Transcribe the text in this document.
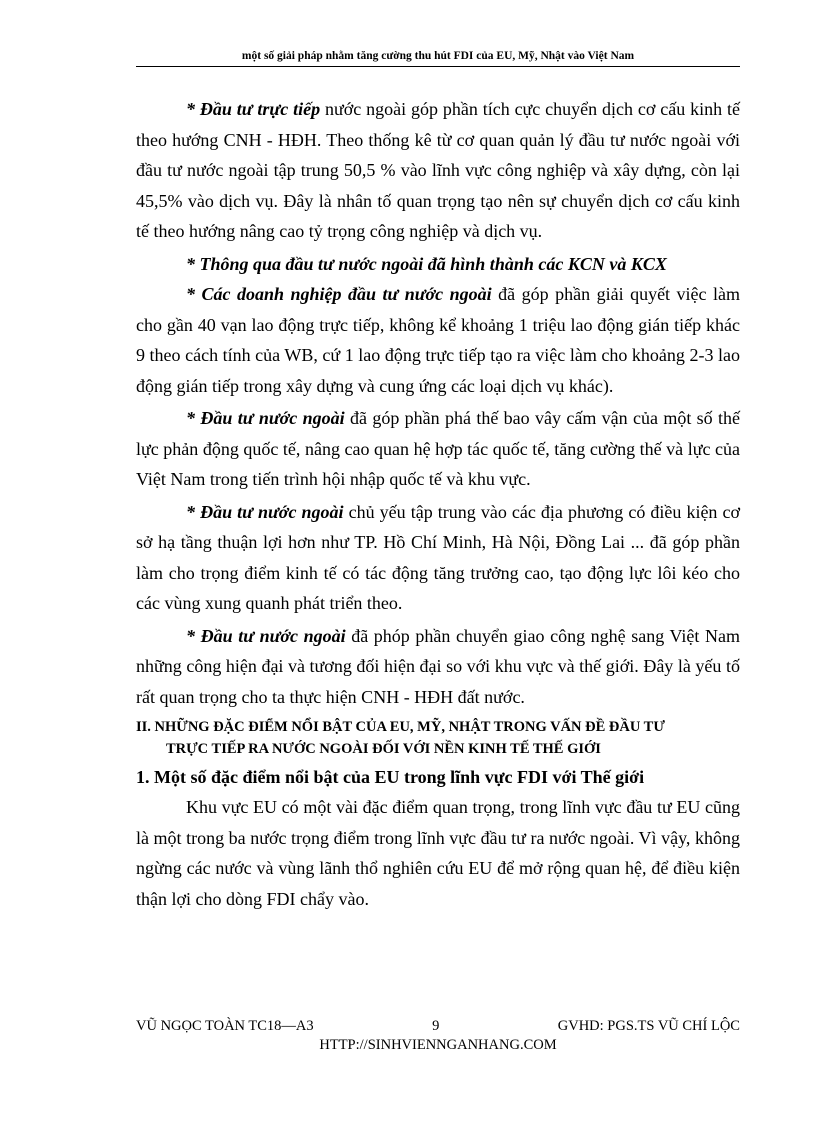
một số giải pháp nhằm tăng cường thu hút FDI của EU, Mỹ, Nhật vào Việt Nam

* Đầu tư trực tiếp nước ngoài góp phần tích cực chuyển dịch cơ cấu kinh tế theo hướng CNH - HĐH. Theo thống kê từ cơ quan quản lý đầu tư nước ngoài với đầu tư nước ngoài tập trung 50,5 % vào lĩnh vực công nghiệp và xây dựng, còn lại 45,5% vào dịch vụ. Đây là nhân tố quan trọng tạo nên sự chuyển dịch cơ cấu kinh tế theo hướng nâng cao tỷ trọng công nghiệp và dịch vụ.

* Thông qua đầu tư nước ngoài đã hình thành các KCN và KCX

* Các doanh nghiệp đầu tư nước ngoài đã góp phần giải quyết việc làm cho gần 40 vạn lao động trực tiếp, không kể khoảng 1 triệu lao động gián tiếp khác 9 theo cách tính của WB, cứ 1 lao động trực tiếp tạo ra việc làm cho khoảng 2-3 lao động gián tiếp trong xây dựng và cung ứng các loại dịch vụ khác).

* Đầu tư nước ngoài đã góp phần phá thế bao vây cấm vận của một số thế lực phản động quốc tế, nâng cao quan hệ hợp tác quốc tế, tăng cường thế và lực của Việt Nam trong tiến trình hội nhập quốc tế và khu vực.

* Đầu tư nước ngoài chủ yếu tập trung vào các địa phương có điều kiện cơ sở hạ tầng thuận lợi hơn như TP. Hồ Chí Minh, Hà Nội, Đồng Lai ... đã góp phần làm cho trọng điểm kinh tế có tác động tăng trưởng cao, tạo động lực lôi kéo cho các vùng xung quanh phát triển theo.

* Đầu tư nước ngoài đã phóp phần chuyển giao công nghệ sang Việt Nam những công hiện đại và tương đối hiện đại so với khu vực và thế giới. Đây là yếu tố rất quan trọng cho ta thực hiện CNH - HĐH đất nước.

II. NHỮNG ĐẶC ĐIỂM NỔI BẬT CỦA EU, MỸ, NHẬT TRONG VẤN ĐỀ ĐẦU TƯ
TRỰC TIẾP RA NƯỚC NGOÀI ĐỐI VỚI NỀN KINH TẾ THẾ GIỚI
1. Một số đặc điểm nổi bật của EU trong lĩnh vực FDI với Thế giới

Khu vực EU có một vài đặc điểm quan trọng, trong lĩnh vực đầu tư EU cũng là một trong ba nước trọng điểm trong lĩnh vực đầu tư ra nước ngoài. Vì vậy, không ngừng các nước và vùng lãnh thổ nghiên cứu EU để mở rộng quan hệ, để điều kiện thận lợi cho dòng FDI chẩy vào.

VŨ NGỌC TOÀN TC18—A3	9	GVHD: PGS.TS VŨ CHÍ LỘC
HTTP://SINHVIENNGANHANG.COM
